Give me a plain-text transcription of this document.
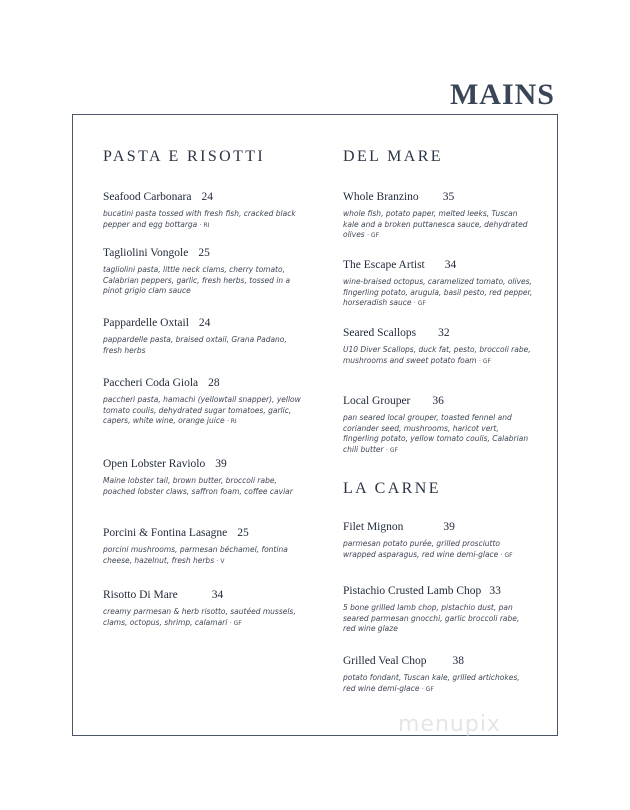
MAINS
PASTA E RISOTTI
Seafood Carbonara 24
bucatini pasta tossed with fresh fish, cracked black pepper and egg bottarga · RI
Tagliolini Vongole 25
tagliolini pasta, little neck clams, cherry tomato, Calabrian peppers, garlic, fresh herbs, tossed in a pinot grigio clam sauce
Pappardelle Oxtail 24
pappardelle pasta, braised oxtail, Grana Padano, fresh herbs
Paccheri Coda Giola 28
paccheri pasta, hamachi (yellowtail snapper), yellow tomato coulis, dehydrated sugar tomatoes, garlic, capers, white wine, orange juice · RI
Open Lobster Raviolo 39
Maine lobster tail, brown butter, broccoli rabe, poached lobster claws, saffron foam, coffee caviar
Porcini & Fontina Lasagne 25
porcini mushrooms, parmesan béchamel, fontina cheese, hazelnut, fresh herbs · V
Risotto Di Mare	34
creamy parmesan & herb risotto, sautéed mussels, clams, octopus, shrimp, calamari · GF
DEL MARE
Whole Branzino 35
whole fish, potato paper, melted leeks, Tuscan kale and a broken puttanesca sauce, dehydrated olives · GF
The Escape Artist 34
wine-braised octopus, caramelized tomato, olives, fingerling potato, arugula, basil pesto, red pepper, horseradish sauce · GF
Seared Scallops 32
U10 Diver Scallops, duck fat, pesto, broccoli rabe, mushrooms and sweet potato foam · GF
Local Grouper 36
pan seared local grouper, toasted fennel and coriander seed, mushrooms, haricot vert, fingerling potato, yellow tomato coulis, Calabrian chili butter · GF
LA CARNE
Filet Mignon	39
parmesan potato purée, grilled prosciutto wrapped asparagus, red wine demi-glace · GF
Pistachio Crusted Lamb Chop 33
5 bone grilled lamb chop, pistachio dust, pan seared parmesan gnocchi, garlic broccoli rabe, red wine glaze
Grilled Veal Chop 38
potato fondant, Tuscan kale, grilled artichokes, red wine demi-glace · GF
menupix
